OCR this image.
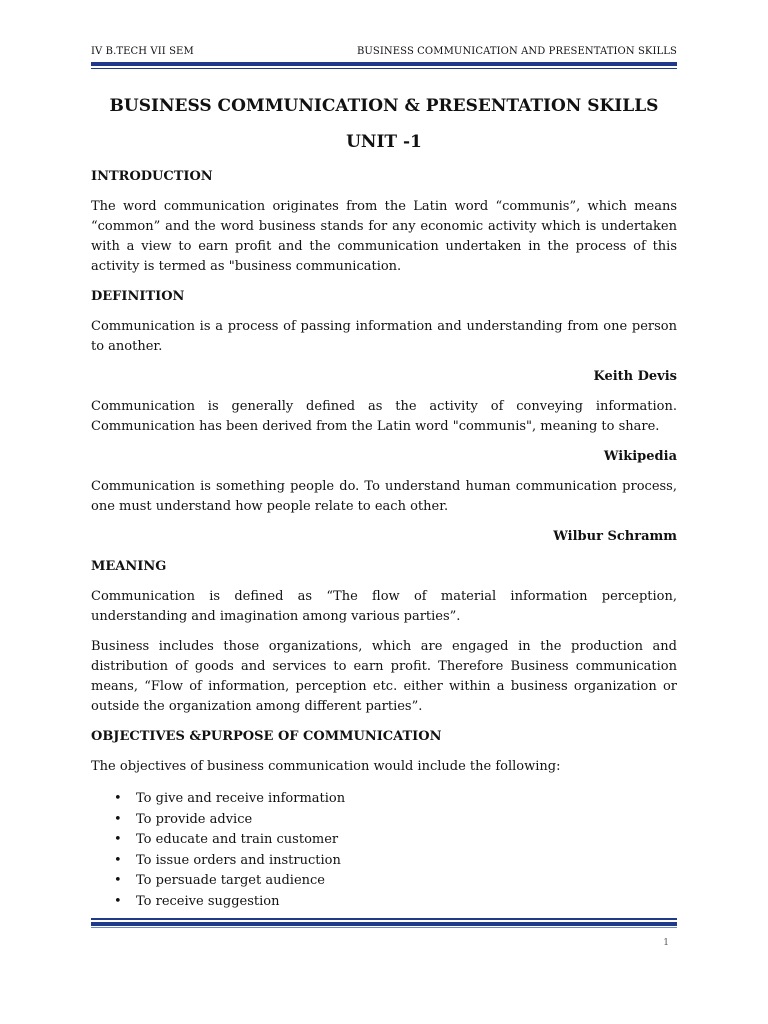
IV B.TECH VII SEM	BUSINESS COMMUNICATION AND PRESENTATION SKILLS
BUSINESS COMMUNICATION & PRESENTATION SKILLS
UNIT -1

INTRODUCTION

The word communication originates from the Latin word “communis”, which means “common” and the word business stands for any economic activity which is undertaken with a view to earn profit and the communication undertaken in the process of this activity is termed as "business communication.

DEFINITION

Communication is a process of passing information and understanding from one person to another.

Keith Devis

Communication is generally defined as the activity of conveying information. Communication has been derived from the Latin word "communis", meaning to share.

Wikipedia

Communication is something people do. To understand human communication process, one must understand how people relate to each other.

Wilbur Schramm

MEANING

Communication is defined as “The flow of material information perception, understanding and imagination among various parties”.

Business includes those organizations, which are engaged in the production and distribution of goods and services to earn profit. Therefore Business communication means, “Flow of information, perception etc. either within a business organization or outside the organization among different parties”.

OBJECTIVES &PURPOSE OF COMMUNICATION

The objectives of business communication would include the following:

• To give and receive information
• To provide advice
• To educate and train customer
• To issue orders and instruction
• To persuade target audience
• To receive suggestion
1
